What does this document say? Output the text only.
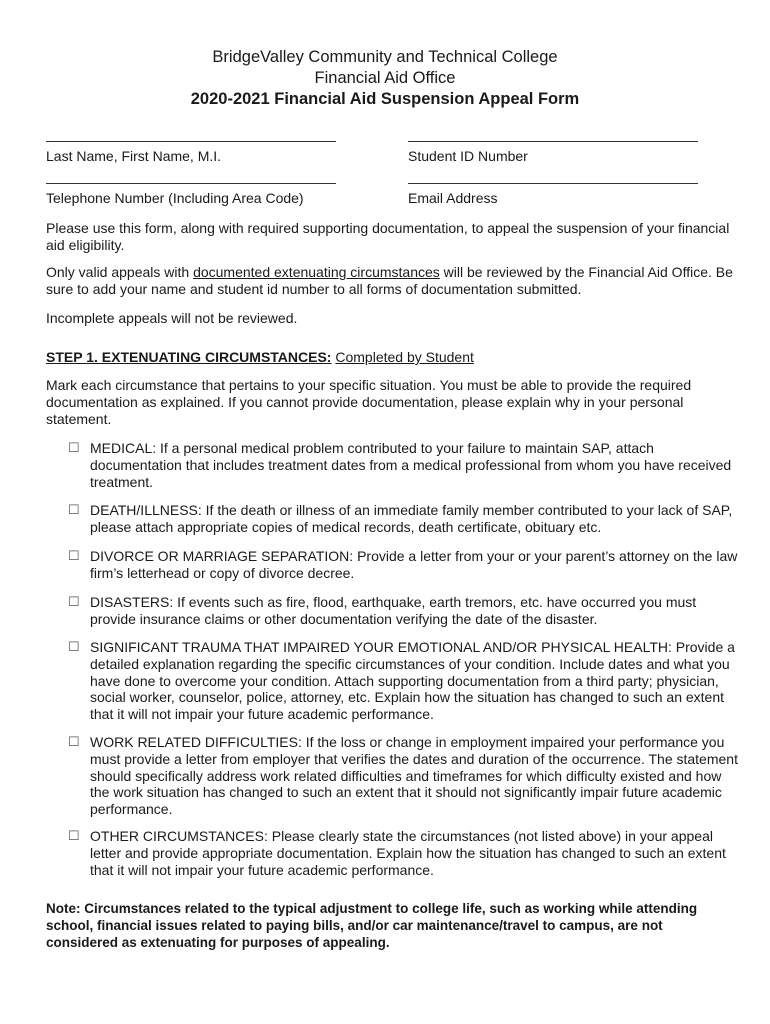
BridgeValley Community and Technical College
Financial Aid Office
2020-2021 Financial Aid Suspension Appeal Form
Last Name, First Name, M.I.	Student ID Number
Telephone Number (Including Area Code)	Email Address

Please use this form, along with required supporting documentation, to appeal the suspension of your financial aid eligibility.

Only valid appeals with documented extenuating circumstances will be reviewed by the Financial Aid Office. Be sure to add your name and student id number to all forms of documentation submitted.

Incomplete appeals will not be reviewed.

STEP 1. EXTENUATING CIRCUMSTANCES: Completed by Student

Mark each circumstance that pertains to your specific situation. You must be able to provide the required documentation as explained. If you cannot provide documentation, please explain why in your personal statement.

☐ MEDICAL: If a personal medical problem contributed to your failure to maintain SAP, attach documentation that includes treatment dates from a medical professional from whom you have received treatment.
☐ DEATH/ILLNESS: If the death or illness of an immediate family member contributed to your lack of SAP, please attach appropriate copies of medical records, death certificate, obituary etc.
☐ DIVORCE OR MARRIAGE SEPARATION: Provide a letter from your or your parent’s attorney on the law firm’s letterhead or copy of divorce decree.
☐ DISASTERS: If events such as fire, flood, earthquake, earth tremors, etc. have occurred you must provide insurance claims or other documentation verifying the date of the disaster.
☐ SIGNIFICANT TRAUMA THAT IMPAIRED YOUR EMOTIONAL AND/OR PHYSICAL HEALTH: Provide a detailed explanation regarding the specific circumstances of your condition. Include dates and what you have done to overcome your condition. Attach supporting documentation from a third party; physician, social worker, counselor, police, attorney, etc. Explain how the situation has changed to such an extent that it will not impair your future academic performance.
☐ WORK RELATED DIFFICULTIES: If the loss or change in employment impaired your performance you must provide a letter from employer that verifies the dates and duration of the occurrence. The statement should specifically address work related difficulties and timeframes for which difficulty existed and how the work situation has changed to such an extent that it should not significantly impair future academic performance.
☐ OTHER CIRCUMSTANCES: Please clearly state the circumstances (not listed above) in your appeal letter and provide appropriate documentation. Explain how the situation has changed to such an extent that it will not impair your future academic performance.

Note: Circumstances related to the typical adjustment to college life, such as working while attending school, financial issues related to paying bills, and/or car maintenance/travel to campus, are not considered as extenuating for purposes of appealing.
